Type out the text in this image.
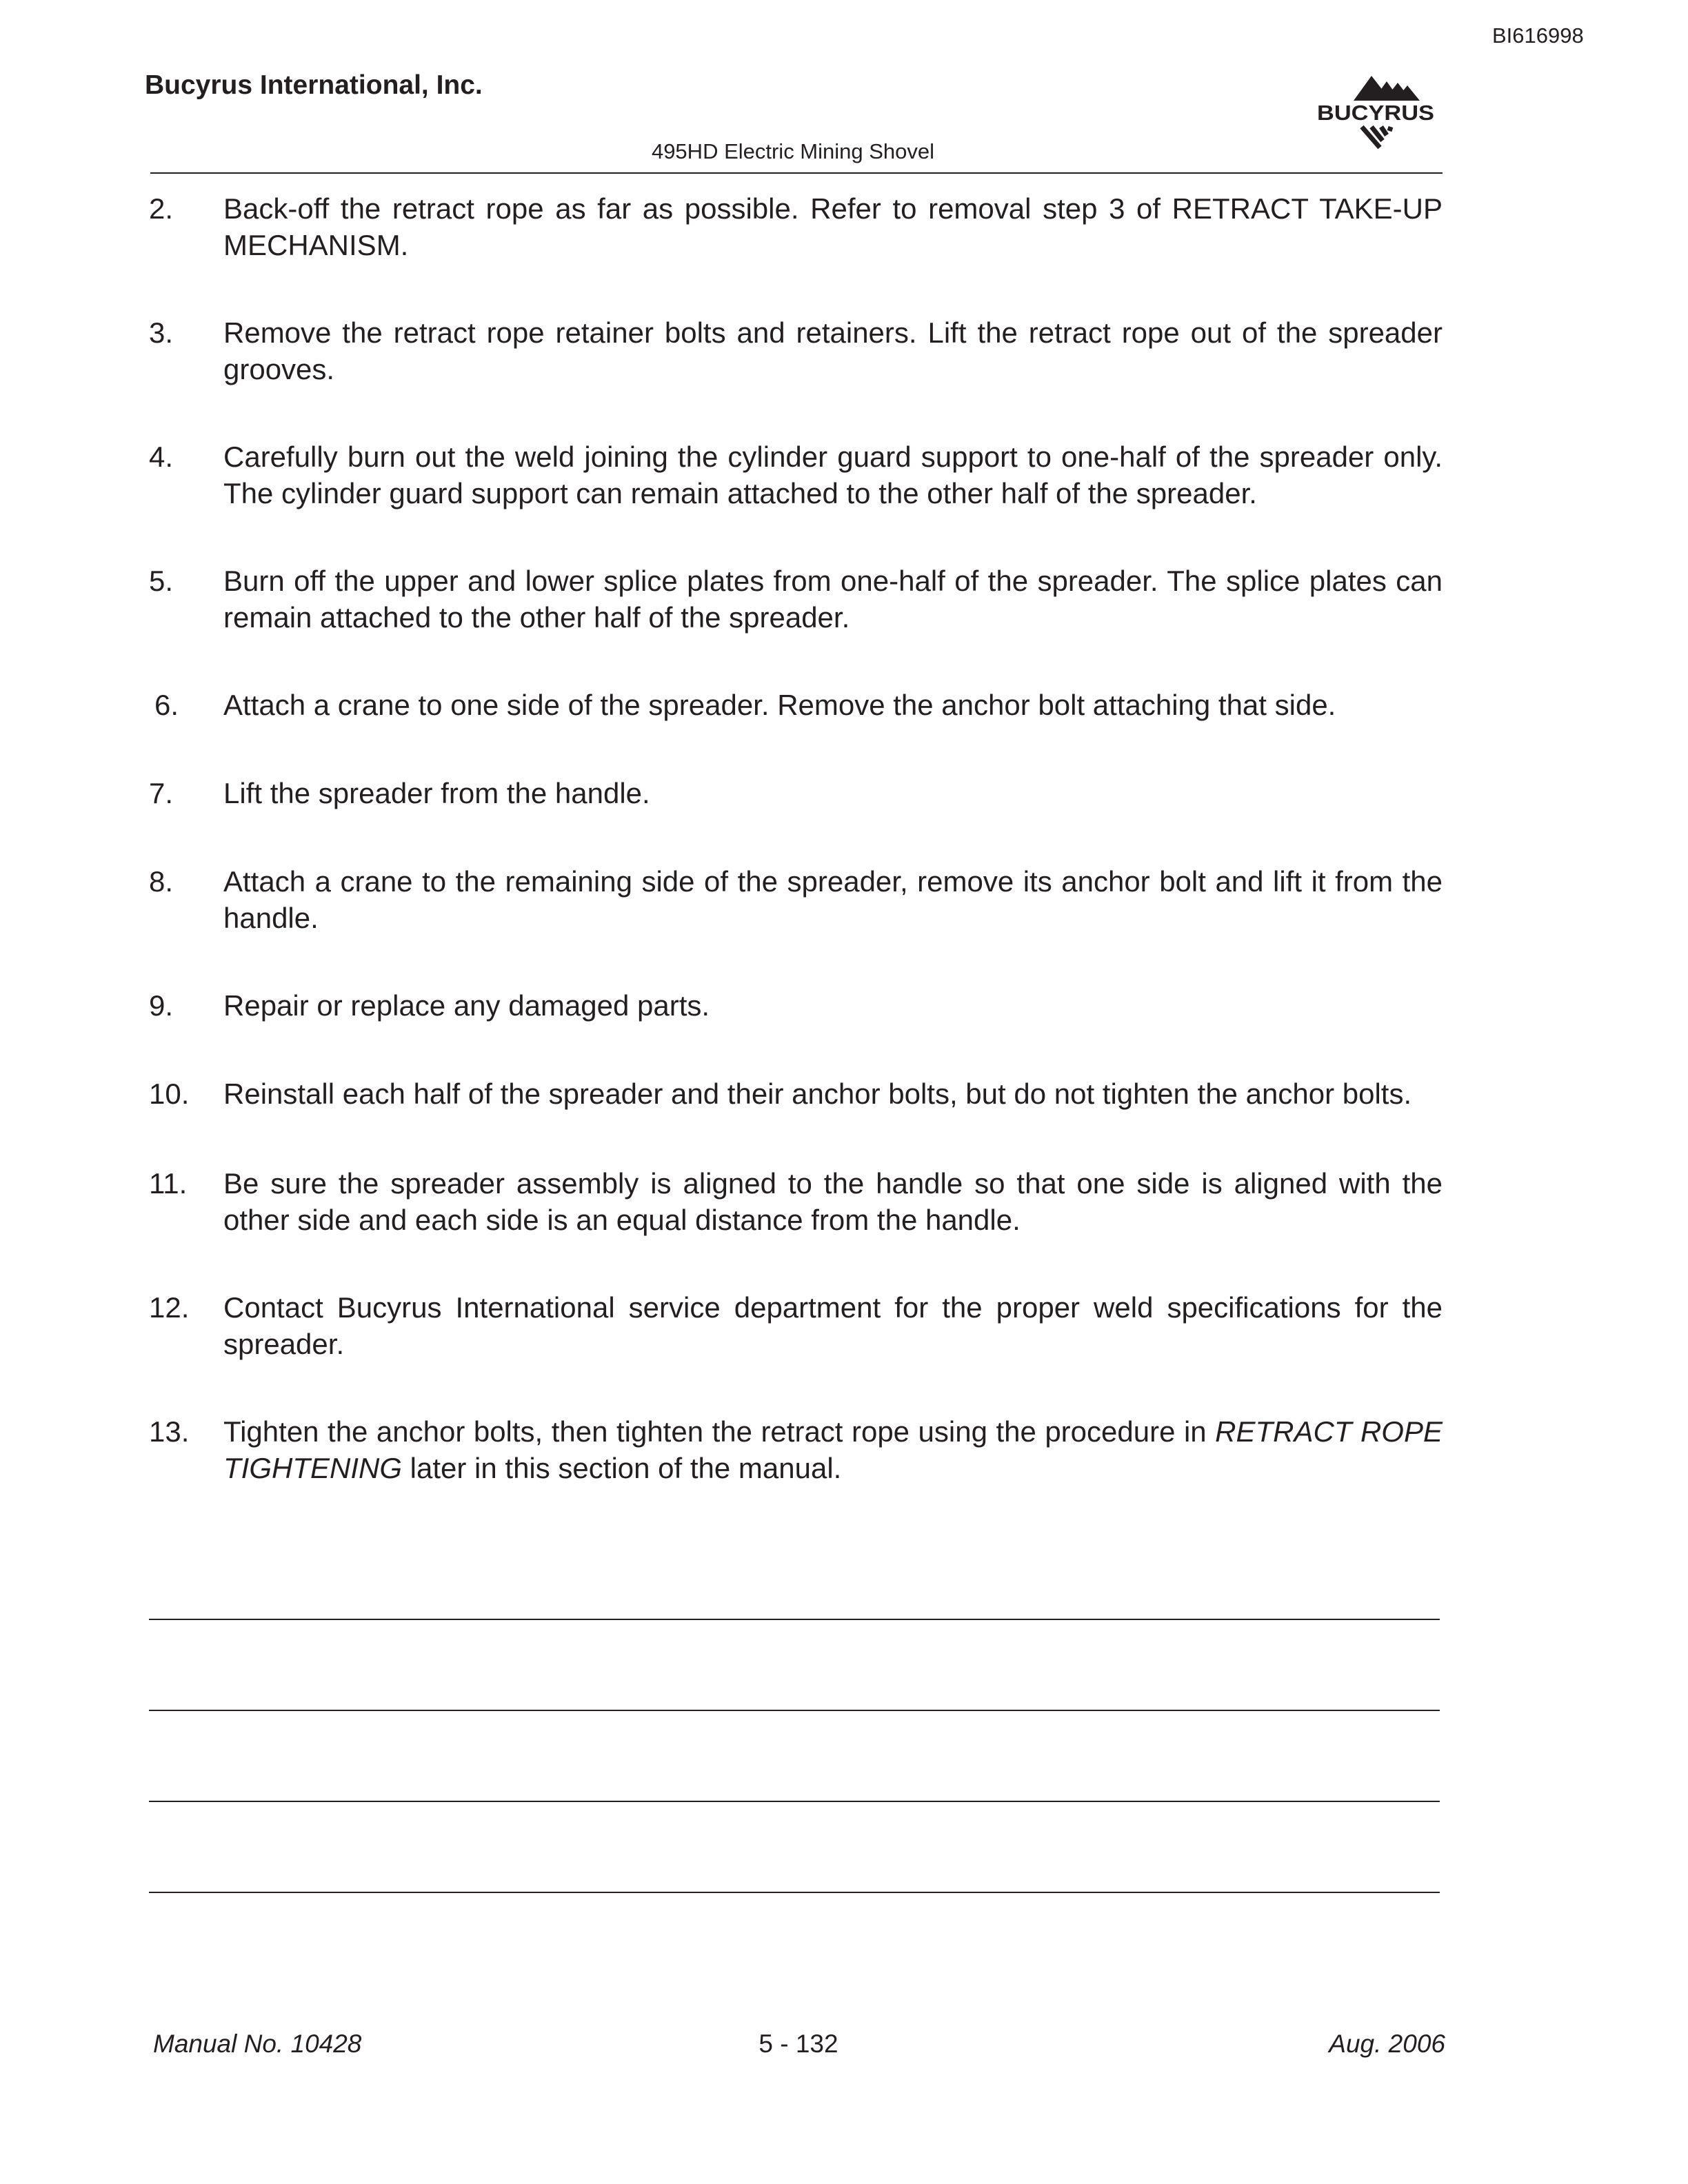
BI616998
Bucyrus International, Inc.
BUCYRUS
495HD Electric Mining Shovel
2.	Back-off the retract rope as far as possible. Refer to removal step 3 of RETRACT TAKE-UP MECHANISM.
3.	Remove the retract rope retainer bolts and retainers. Lift the retract rope out of the spreader grooves.
4.	Carefully burn out the weld joining the cylinder guard support to one-half of the spreader only. The cylinder guard support can remain attached to the other half of the spreader.
5.	Burn off the upper and lower splice plates from one-half of the spreader. The splice plates can remain attached to the other half of the spreader.
6.	Attach a crane to one side of the spreader. Remove the anchor bolt attaching that side.
7.	Lift the spreader from the handle.
8.	Attach a crane to the remaining side of the spreader, remove its anchor bolt and lift it from the handle.
9.	Repair or replace any damaged parts.
10.	Reinstall each half of the spreader and their anchor bolts, but do not tighten the anchor bolts.
11.	Be sure the spreader assembly is aligned to the handle so that one side is aligned with the other side and each side is an equal distance from the handle.
12.	Contact Bucyrus International service department for the proper weld specifications for the spreader.
13.	Tighten the anchor bolts, then tighten the retract rope using the procedure in RETRACT ROPE TIGHTENING later in this section of the manual.
Manual No. 10428	5 - 132	Aug. 2006
